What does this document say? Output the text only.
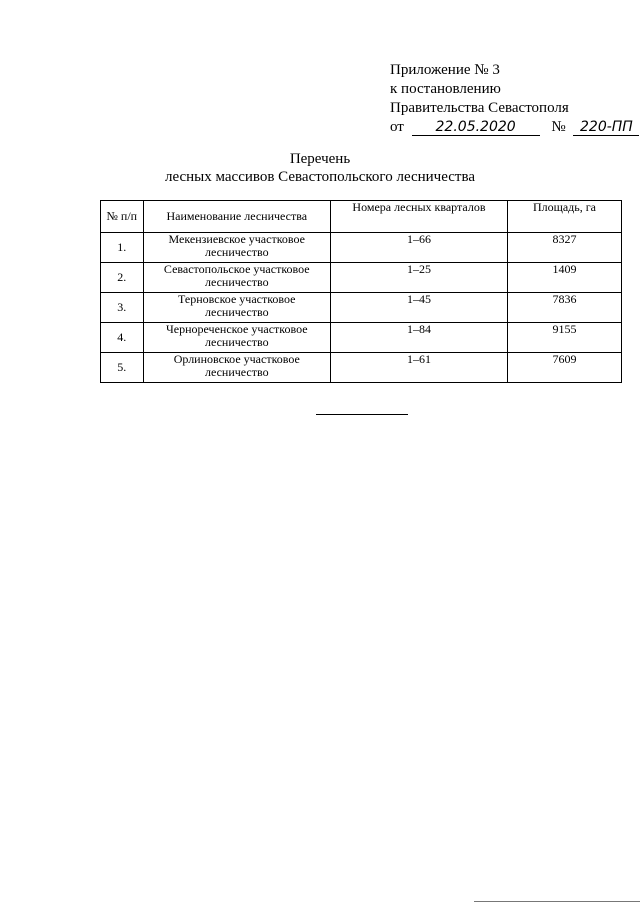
Приложение № 3
к постановлению
Правительства Севастополя
от 22.05.2020 № 220-ПП
Перечень
лесных массивов Севастопольского лесничества
№ п/п	Наименование лесничества	Номера лесных кварталов	Площадь, га
1.	Мекензиевское участковое лесничество	1–66	8327
2.	Севастопольское участковое лесничество	1–25	1409
3.	Терновское участковое лесничество	1–45	7836
4.	Чернореченское участковое лесничество	1–84	9155
5.	Орлиновское участковое лесничество	1–61	7609
